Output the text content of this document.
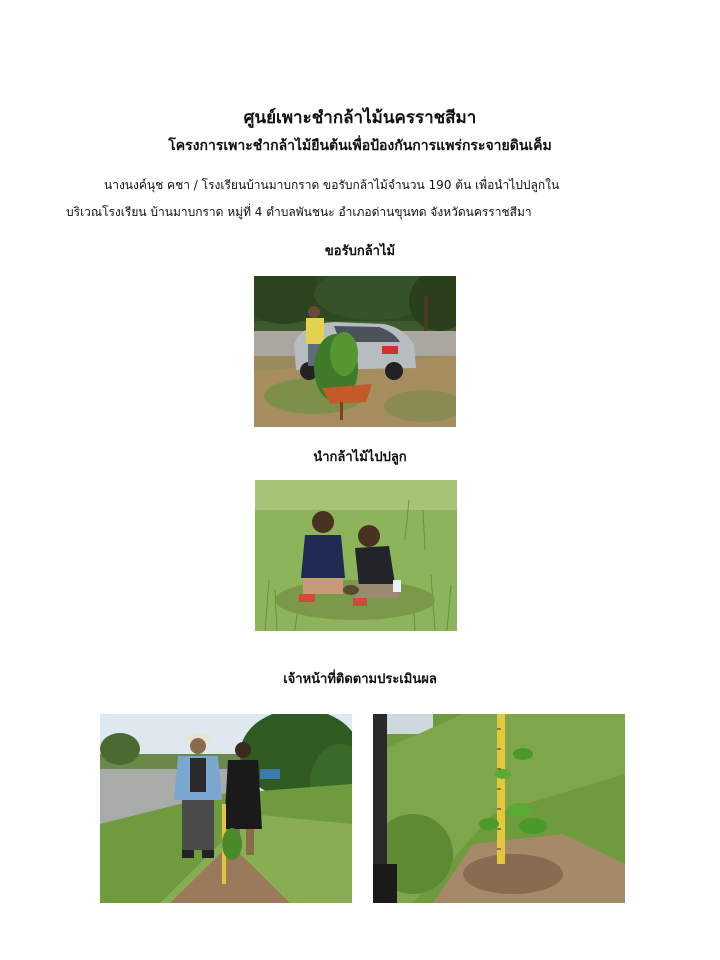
ศูนย์เพาะชำกล้าไม้นครราชสีมา
โครงการเพาะชำกล้าไม้ยืนต้นเพื่อป้องกันการแพร่กระจายดินเค็ม
นางนงค์นุช คชา / โรงเรียนบ้านมาบกราด ขอรับกล้าไม้จำนวน 190 ต้น เพื่อนำไปปลูกใน
บริเวณโรงเรียน บ้านมาบกราด หมู่ที่ 4 ตำบลพันชนะ อำเภอด่านขุนทด จังหวัดนครราชสีมา
ขอรับกล้าไม้
นำกล้าไม้ไปปลูก
เจ้าหน้าที่ติดตามประเมินผล
